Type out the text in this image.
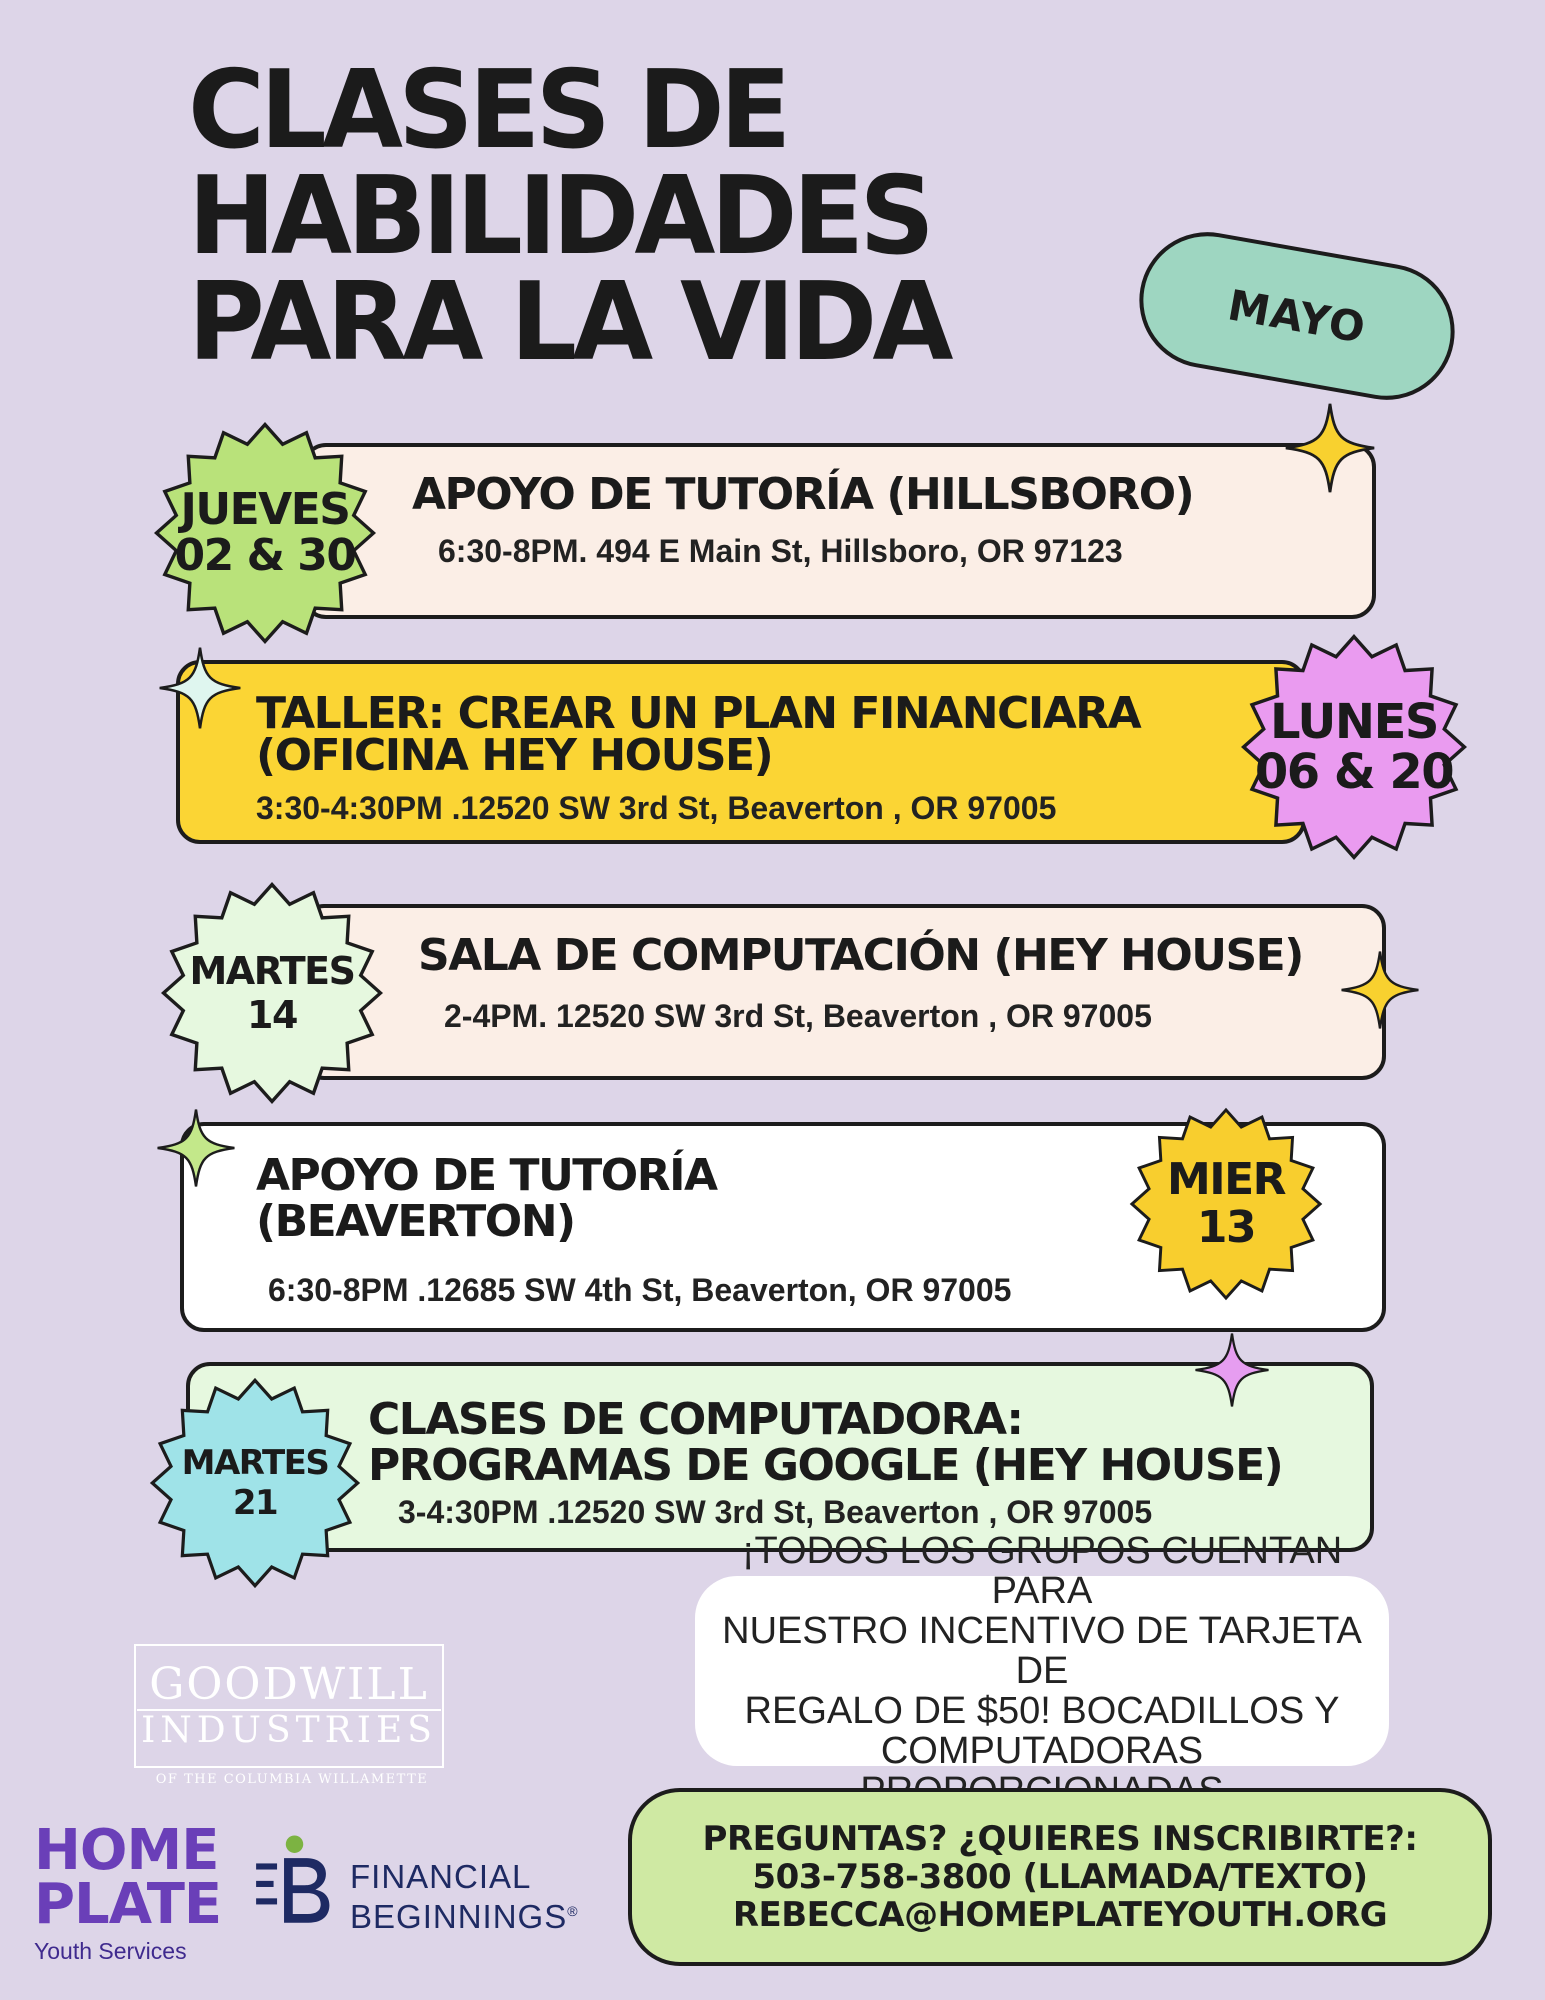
CLASES DE
HABILIDADES
PARA LA VIDA	MAYO
APOYO DE TUTORÍA (HILLSBORO)
6:30-8PM. 494 E Main St, Hillsboro, OR 97123
TALLER: CREAR UN PLAN FINANCIARA
(OFICINA HEY HOUSE)
3:30-4:30PM .12520 SW 3rd St, Beaverton , OR 97005
SALA DE COMPUTACIÓN (HEY HOUSE)
2-4PM. 12520 SW 3rd St, Beaverton , OR 97005
APOYO DE TUTORÍA
(BEAVERTON)
6:30-8PM .12685 SW 4th St, Beaverton, OR 97005
CLASES DE COMPUTADORA:
PROGRAMAS DE GOOGLE (HEY HOUSE)
3-4:30PM .12520 SW 3rd St, Beaverton , OR 97005
JUEVES
02 & 30
LUNES
06 & 20
MARTES
14
MIER
13
MARTES
21
¡TODOS LOS GRUPOS CUENTAN PARA
NUESTRO INCENTIVO DE TARJETA DE
REGALO DE $50! BOCADILLOS Y
COMPUTADORAS
PREGUNTAS? ¿QUIERES INSCRIBIRTE?:
503-758-3800 (LLAMADA/TEXTO)
REBECCA@HOMEPLATEYOUTH.ORG
GOODWILL
INDUSTRIES
OF THE COLUMBIA WILLAMETTE
HOME
PLATE
Youth Services
FINANCIAL
BEGINNINGS®
